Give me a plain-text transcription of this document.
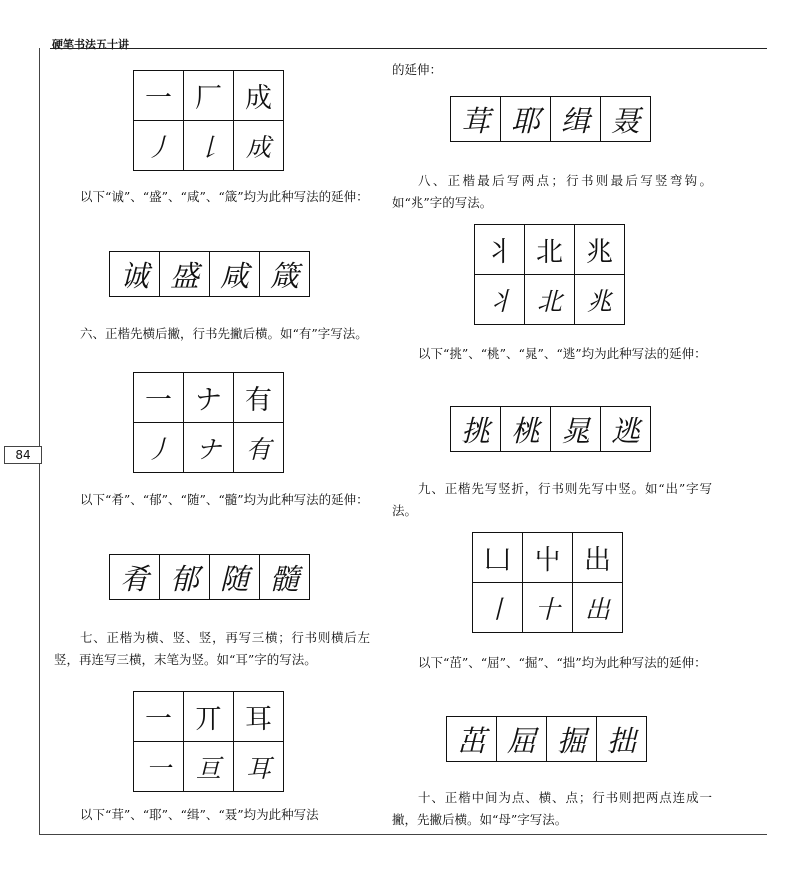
硬笔书法五十讲
84
一	厂	成
丿	𠄌	成
以下“诚”、“盛”、“咸”、“箴”均为此种写法的延伸：
诚	盛	咸	箴
六、正楷先横后撇，行书先撇后横。如“有”字写法。
一	ナ	有
丿	ナ	有
以下“肴”、“郁”、“随”、“髓”均为此种写法的延伸：
肴	郁	随	髓
七、正楷为横、竖、竖，再写三横；行书则横后左竖，再连写三横，末笔为竖。如“耳”字的写法。
一	丌	耳
一	亘	耳
以下“茸”、“耶”、“缉”、“聂”均为此种写法
的延伸：
茸	耶	缉	聂
八、正楷最后写两点；行书则最后写竖弯钩。如“兆”字的写法。
丬	北	兆
丬	北	兆
以下“挑”、“桃”、“晁”、“逃”均为此种写法的延伸：
挑	桃	晁	逃
九、正楷先写竖折，行书则先写中竖。如“出”字写法。
凵	屮	出
丨	十	出
以下“茁”、“屈”、“掘”、“拙”均为此种写法的延伸：
茁	屈	掘	拙
十、正楷中间为点、横、点；行书则把两点连成一撇，先撇后横。如“母”字写法。
